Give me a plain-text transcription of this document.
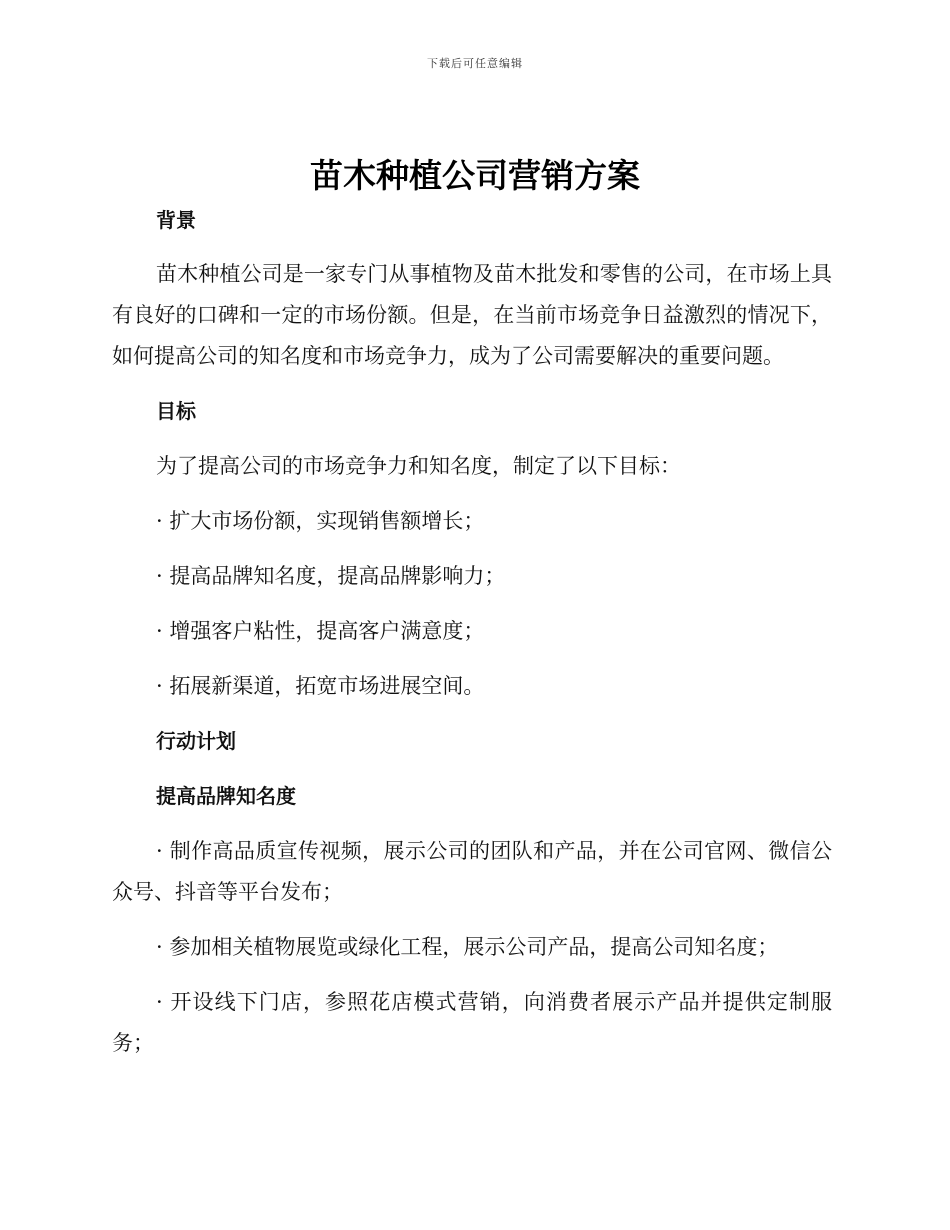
下载后可任意编辑
苗木种植公司营销方案
背景

苗木种植公司是一家专门从事植物及苗木批发和零售的公司，在市场上具有良好的口碑和一定的市场份额。但是，在当前市场竞争日益激烈的情况下，如何提高公司的知名度和市场竞争力，成为了公司需要解决的重要问题。

目标

为了提高公司的市场竞争力和知名度，制定了以下目标：

· 扩大市场份额，实现销售额增长；

· 提高品牌知名度，提高品牌影响力；

· 增强客户粘性，提高客户满意度；

· 拓展新渠道，拓宽市场进展空间。

行动计划
提高品牌知名度

· 制作高品质宣传视频，展示公司的团队和产品，并在公司官网、微信公众号、抖音等平台发布；

· 参加相关植物展览或绿化工程，展示公司产品，提高公司知名度；

· 开设线下门店，参照花店模式营销，向消费者展示产品并提供定制服务；
